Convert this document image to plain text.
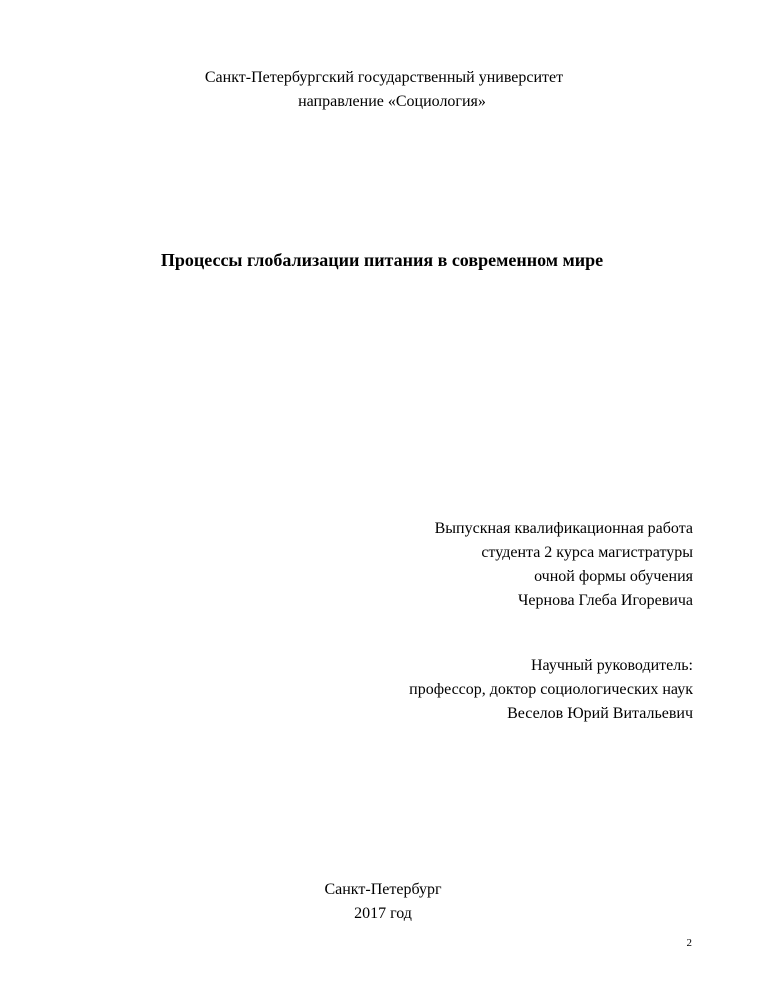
Санкт-Петербургский государственный университет
направление «Социология»
Процессы глобализации питания в современном мире
Выпускная квалификационная работа
студента 2 курса магистратуры
очной формы обучения
Чернова Глеба Игоревича
Научный руководитель:
профессор, доктор социологических наук
Веселов Юрий Витальевич
Санкт-Петербург
2017 год
2
